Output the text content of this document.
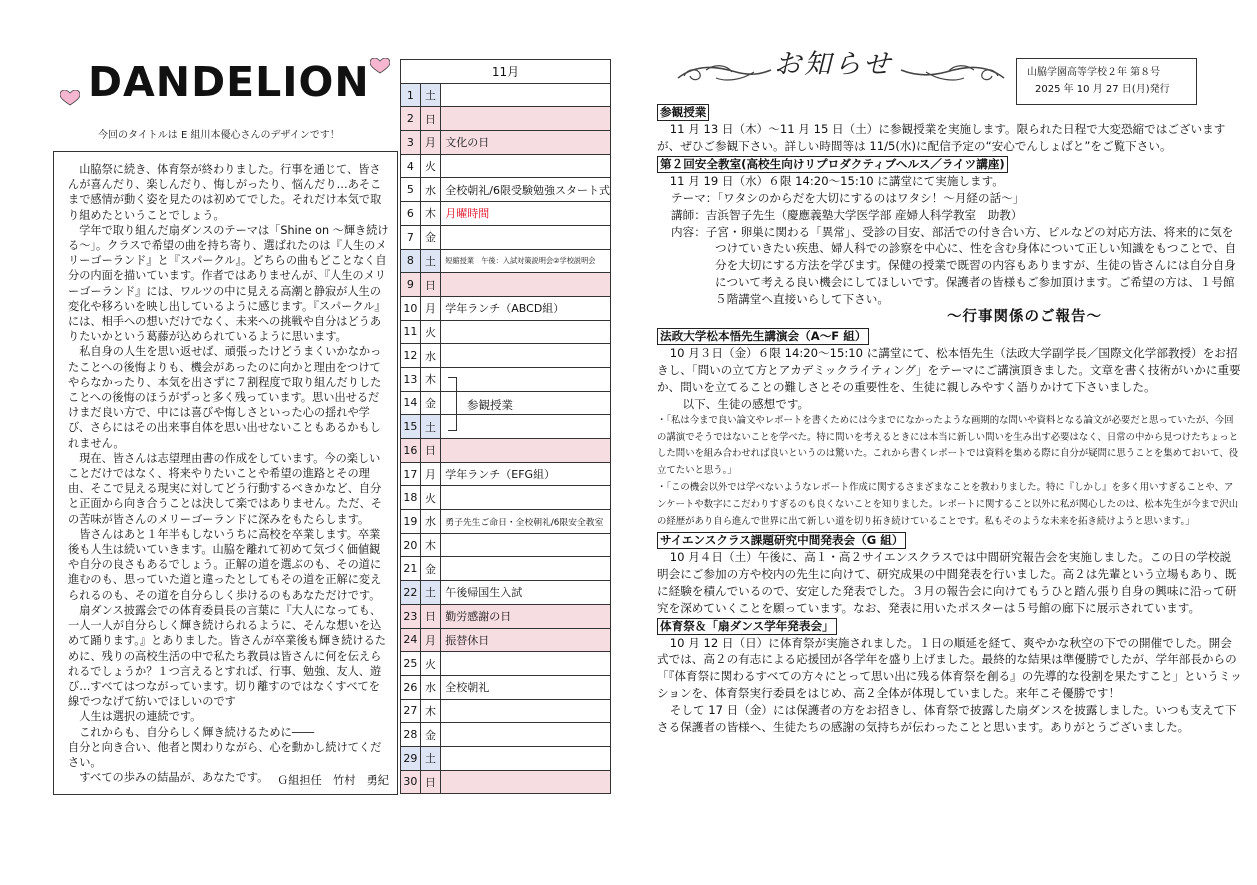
DANDELION
今回のタイトルは E 組川本優心さんのデザインです！

山脇祭に続き、体育祭が終わりました。行事を通じて、皆さんが喜んだり、楽しんだり、悔しがったり、悩んだり…あそこまで感情が動く姿を見たのは初めてでした。それだけ本気で取り組めたということでしょう。

学年で取り組んだ扇ダンスのテーマは「Shine on ～輝き続ける～」。クラスで希望の曲を持ち寄り、選ばれたのは『人生のメリーゴーランド』と『スパークル』。どちらの曲もどことなく自分の内面を描いています。作者ではありませんが、『人生のメリーゴーランド』には、ワルツの中に見える高潮と静寂が人生の変化や移ろいを映し出しているように感じます。『スパークル』には、相手への想いだけでなく、未来への挑戦や自分はどうありたいかという葛藤が込められているように思います。

私自身の人生を思い返せば、頑張ったけどうまくいかなかったことへの後悔よりも、機会があったのに向かと理由をつけてやらなかったり、本気を出さずに７割程度で取り組んだりしたことへの後悔のほうがずっと多く残っています。思い出せるだけまだ良い方で、中には喜びや悔しさといった心の揺れや学び、さらにはその出来事自体を思い出せないこともあるかもしれません。

現在、皆さんは志望理由書の作成をしています。今の楽しいことだけではなく、将来やりたいことや希望の進路とその理由、そこで見える現実に対してどう行動するべきかなど、自分と正面から向き合うことは決して楽ではありません。ただ、その苦味が皆さんのメリーゴーランドに深みをもたらします。

皆さんはあと１年半もしないうちに高校を卒業します。卒業後も人生は続いていきます。山脇を離れて初めて気づく価値観や自分の良さもあるでしょう。正解の道を選ぶのも、その道に進むのも、思っていた道と違ったとしてもその道を正解に変えられるのも、その道を自分らしく歩けるのもあなただけです。

扇ダンス披露会での体育委員長の言葉に『大人になっても、一人一人が自分らしく輝き続けられるように、そんな想いを込めて踊ります。』とありました。皆さんが卒業後も輝き続けるために、残りの高校生活の中で私たち教員は皆さんに何を伝えられるでしょうか？１つ言えるとすれば、行事、勉強、友人、遊び…すべてはつながっています。切り離すのではなくすべてを線でつなげて紡いでほしいのです

人生は選択の連続です。

これからも、自分らしく輝き続けるために――

自分と向き合い、他者と関わりながら、心を動かし続けてください。

すべての歩みの結晶が、あなたです。 Ｇ組担任　竹村　勇紀
11月		
1	土	
2	日	
3	月	文化の日
4	火	
5	水	全校朝礼/6限受験勉強スタート式
6	木	月曜時間
7	金	
8	土	短縮授業　午後：入試対策説明会②学校説明会
9	日	
10	月	学年ランチ（ABCD組）
11	火	
12	水	
13	木	
14	金	
15	土	
16	日	
17	月	学年ランチ（EFG組）
18	火	
19	水	勇子先生ご命日・全校朝礼/6限安全教室
20	木	
21	金	
22	土	午後帰国生入試
23	日	勤労感謝の日
24	月	振替休日
25	火	
26	水	全校朝礼
27	木	
28	金	
29	土	
30	日	
参観授業
お知らせ	山脇学園高等学校２年 第８号
2025 年 10 月 27 日(月)発行
参観授業

11 月 13 日（木）～11 月 15 日（土）に参観授業を実施します。限られた日程で大変恐縮ではございますが、ぜひご参観下さい。詳しい時間等は 11/5(水)に配信予定の“安心でんしょばと”をご覧下さい。

第２回安全教室(高校生向けリプロダクティブヘルス／ライツ講座)

11 月 19 日（水）６限 14:20～15:10 に講堂にて実施します。

テーマ：「ワタシのからだを大切にするのはワタシ！～月経の話～」

講師：吉浜智子先生（慶應義塾大学医学部 産婦人科学教室　助教）

内容：子宮・卵巣に関わる「異常」、受診の目安、部活での付き合い方、ピルなどの対応方法、将来的に気をつけていきたい疾患、婦人科での診察を中心に、性を含む身体について正しい知識をもつことで、自分を大切にする方法を学びます。保健の授業で既習の内容もありますが、生徒の皆さんには自分自身について考える良い機会にしてほしいです。保護者の皆様もご参加頂けます。ご希望の方は、１号館５階講堂へ直接いらして下さい。

～行事関係のご報告～
法政大学松本悟先生講演会（A～F 組）

10 月３日（金）６限 14:20～15:10 に講堂にて、松本悟先生（法政大学副学長／国際文化学部教授）をお招きし、「問いの立て方とアカデミックライティング」をテーマにご講演頂きました。文章を書く技術がいかに重要か、問いを立てることの難しさとその重要性を、生徒に親しみやすく語りかけて下さいました。

以下、生徒の感想です。

・「私は今まで良い論文やレポートを書くためには今までになかったような画期的な問いや資料となる論文が必要だと思っていたが、今回の講演でそうではないことを学べた。特に問いを考えるときには本当に新しい問いを生み出す必要はなく、日常の中から見つけたちょっとした問いを組み合わせれば良いというのは驚いた。これから書くレポートでは資料を集める際に自分が疑問に思うことを集めておいて、役立てたいと思う。」

・「この機会以外では学べないようなレポート作成に関するさまざまなことを教わりました。特に『しかし』を多く用いすぎることや、アンケートや数字にこだわりすぎるのも良くないことを知りました。レポートに関すること以外に私が関心したのは、松本先生が今まで沢山の経歴があり自ら進んで世界に出て新しい道を切り拓き続けていることです。私もそのような未来を拓き続けようと思います。」

サイエンスクラス課題研究中間発表会（G 組）

10 月４日（土）午後に、高１・高２サイエンスクラスでは中間研究報告会を実施しました。この日の学校説明会にご参加の方や校内の先生に向けて、研究成果の中間発表を行いました。高２は先輩という立場もあり、既に経験を積んでいるので、安定した発表でした。３月の報告会に向けてもうひと踏ん張り自身の興味に沿って研究を深めていくことを願っています。なお、発表に用いたポスターは５号館の廊下に展示されています。

体育祭＆「扇ダンス学年発表会」

10 月 12 日（日）に体育祭が実施されました。１日の順延を経て、爽やかな秋空の下での開催でした。開会式では、高２の有志による応援団が各学年を盛り上げました。最終的な結果は準優勝でしたが、学年部長からの「『体育祭に関わるすべての方々にとって思い出に残る体育祭を創る』の先導的な役割を果たすこと」というミッションを、体育祭実行委員をはじめ、高２全体が体現していました。来年こそ優勝です！

そして 17 日（金）には保護者の方をお招きし、体育祭で披露した扇ダンスを披露しました。いつも支えて下さる保護者の皆様へ、生徒たちの感謝の気持ちが伝わったことと思います。ありがとうございました。
